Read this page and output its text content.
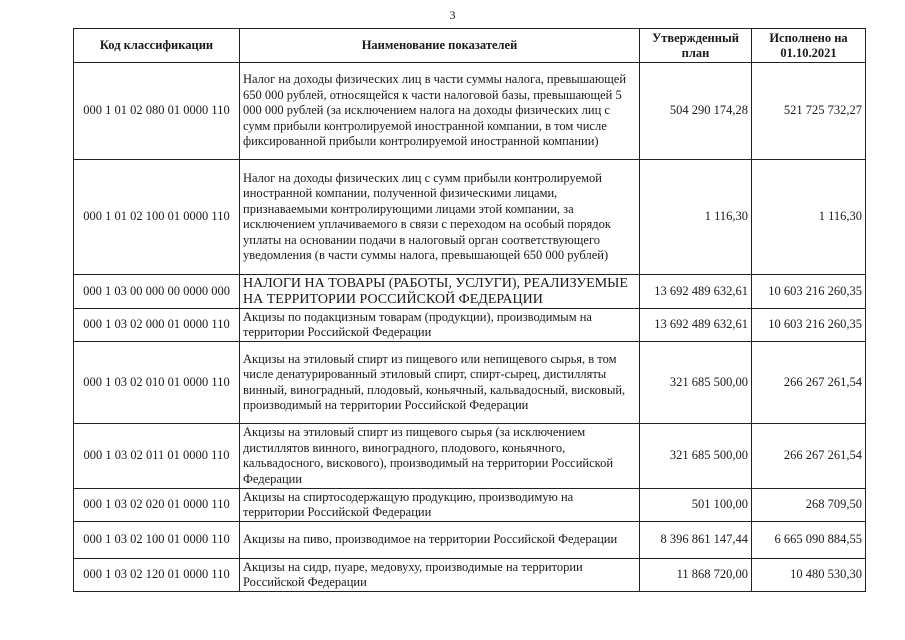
3
Код классификации	Наименование показателей	Утвержденный план	Исполнено на 01.10.2021
000 1 01 02 080 01 0000 110	Налог на доходы физических лиц в части суммы налога, превышающей 650 000 рублей, относящейся к части налоговой базы, превышающей 5 000 000 рублей (за исключением налога на доходы физических лиц с сумм прибыли контролируемой иностранной компании, в том числе фиксированной прибыли контролируемой иностранной компании)	504 290 174,28	521 725 732,27
000 1 01 02 100 01 0000 110	Налог на доходы физических лиц с сумм прибыли контролируемой иностранной компании, полученной физическими лицами, признаваемыми контролирующими лицами этой компании, за исключением уплачиваемого в связи с переходом на особый порядок уплаты на основании подачи в налоговый орган соответствующего уведомления (в части суммы налога, превышающей 650 000 рублей)	1 116,30	1 116,30
000 1 03 00 000 00 0000 000	НАЛОГИ НА ТОВАРЫ (РАБОТЫ, УСЛУГИ), РЕАЛИЗУЕМЫЕ НА ТЕРРИТОРИИ РОССИЙСКОЙ ФЕДЕРАЦИИ	13 692 489 632,61	10 603 216 260,35
000 1 03 02 000 01 0000 110	Акцизы по подакцизным товарам (продукции), производимым на территории Российской Федерации	13 692 489 632,61	10 603 216 260,35
000 1 03 02 010 01 0000 110	Акцизы на этиловый спирт из пищевого или непищевого сырья, в том числе денатурированный этиловый спирт, спирт-сырец, дистилляты винный, виноградный, плодовый, коньячный, кальвадосный, висковый, производимый на территории Российской Федерации	321 685 500,00	266 267 261,54
000 1 03 02 011 01 0000 110	Акцизы на этиловый спирт из пищевого сырья (за исключением дистиллятов винного, виноградного, плодового, коньячного, кальвадосного, вискового), производимый на территории Российской Федерации	321 685 500,00	266 267 261,54
000 1 03 02 020 01 0000 110	Акцизы на спиртосодержащую продукцию, производимую на территории Российской Федерации	501 100,00	268 709,50
000 1 03 02 100 01 0000 110	Акцизы на пиво, производимое на территории Российской Федерации	8 396 861 147,44	6 665 090 884,55
000 1 03 02 120 01 0000 110	Акцизы на сидр, пуаре, медовуху, производимые на территории Российской Федерации	11 868 720,00	10 480 530,30
